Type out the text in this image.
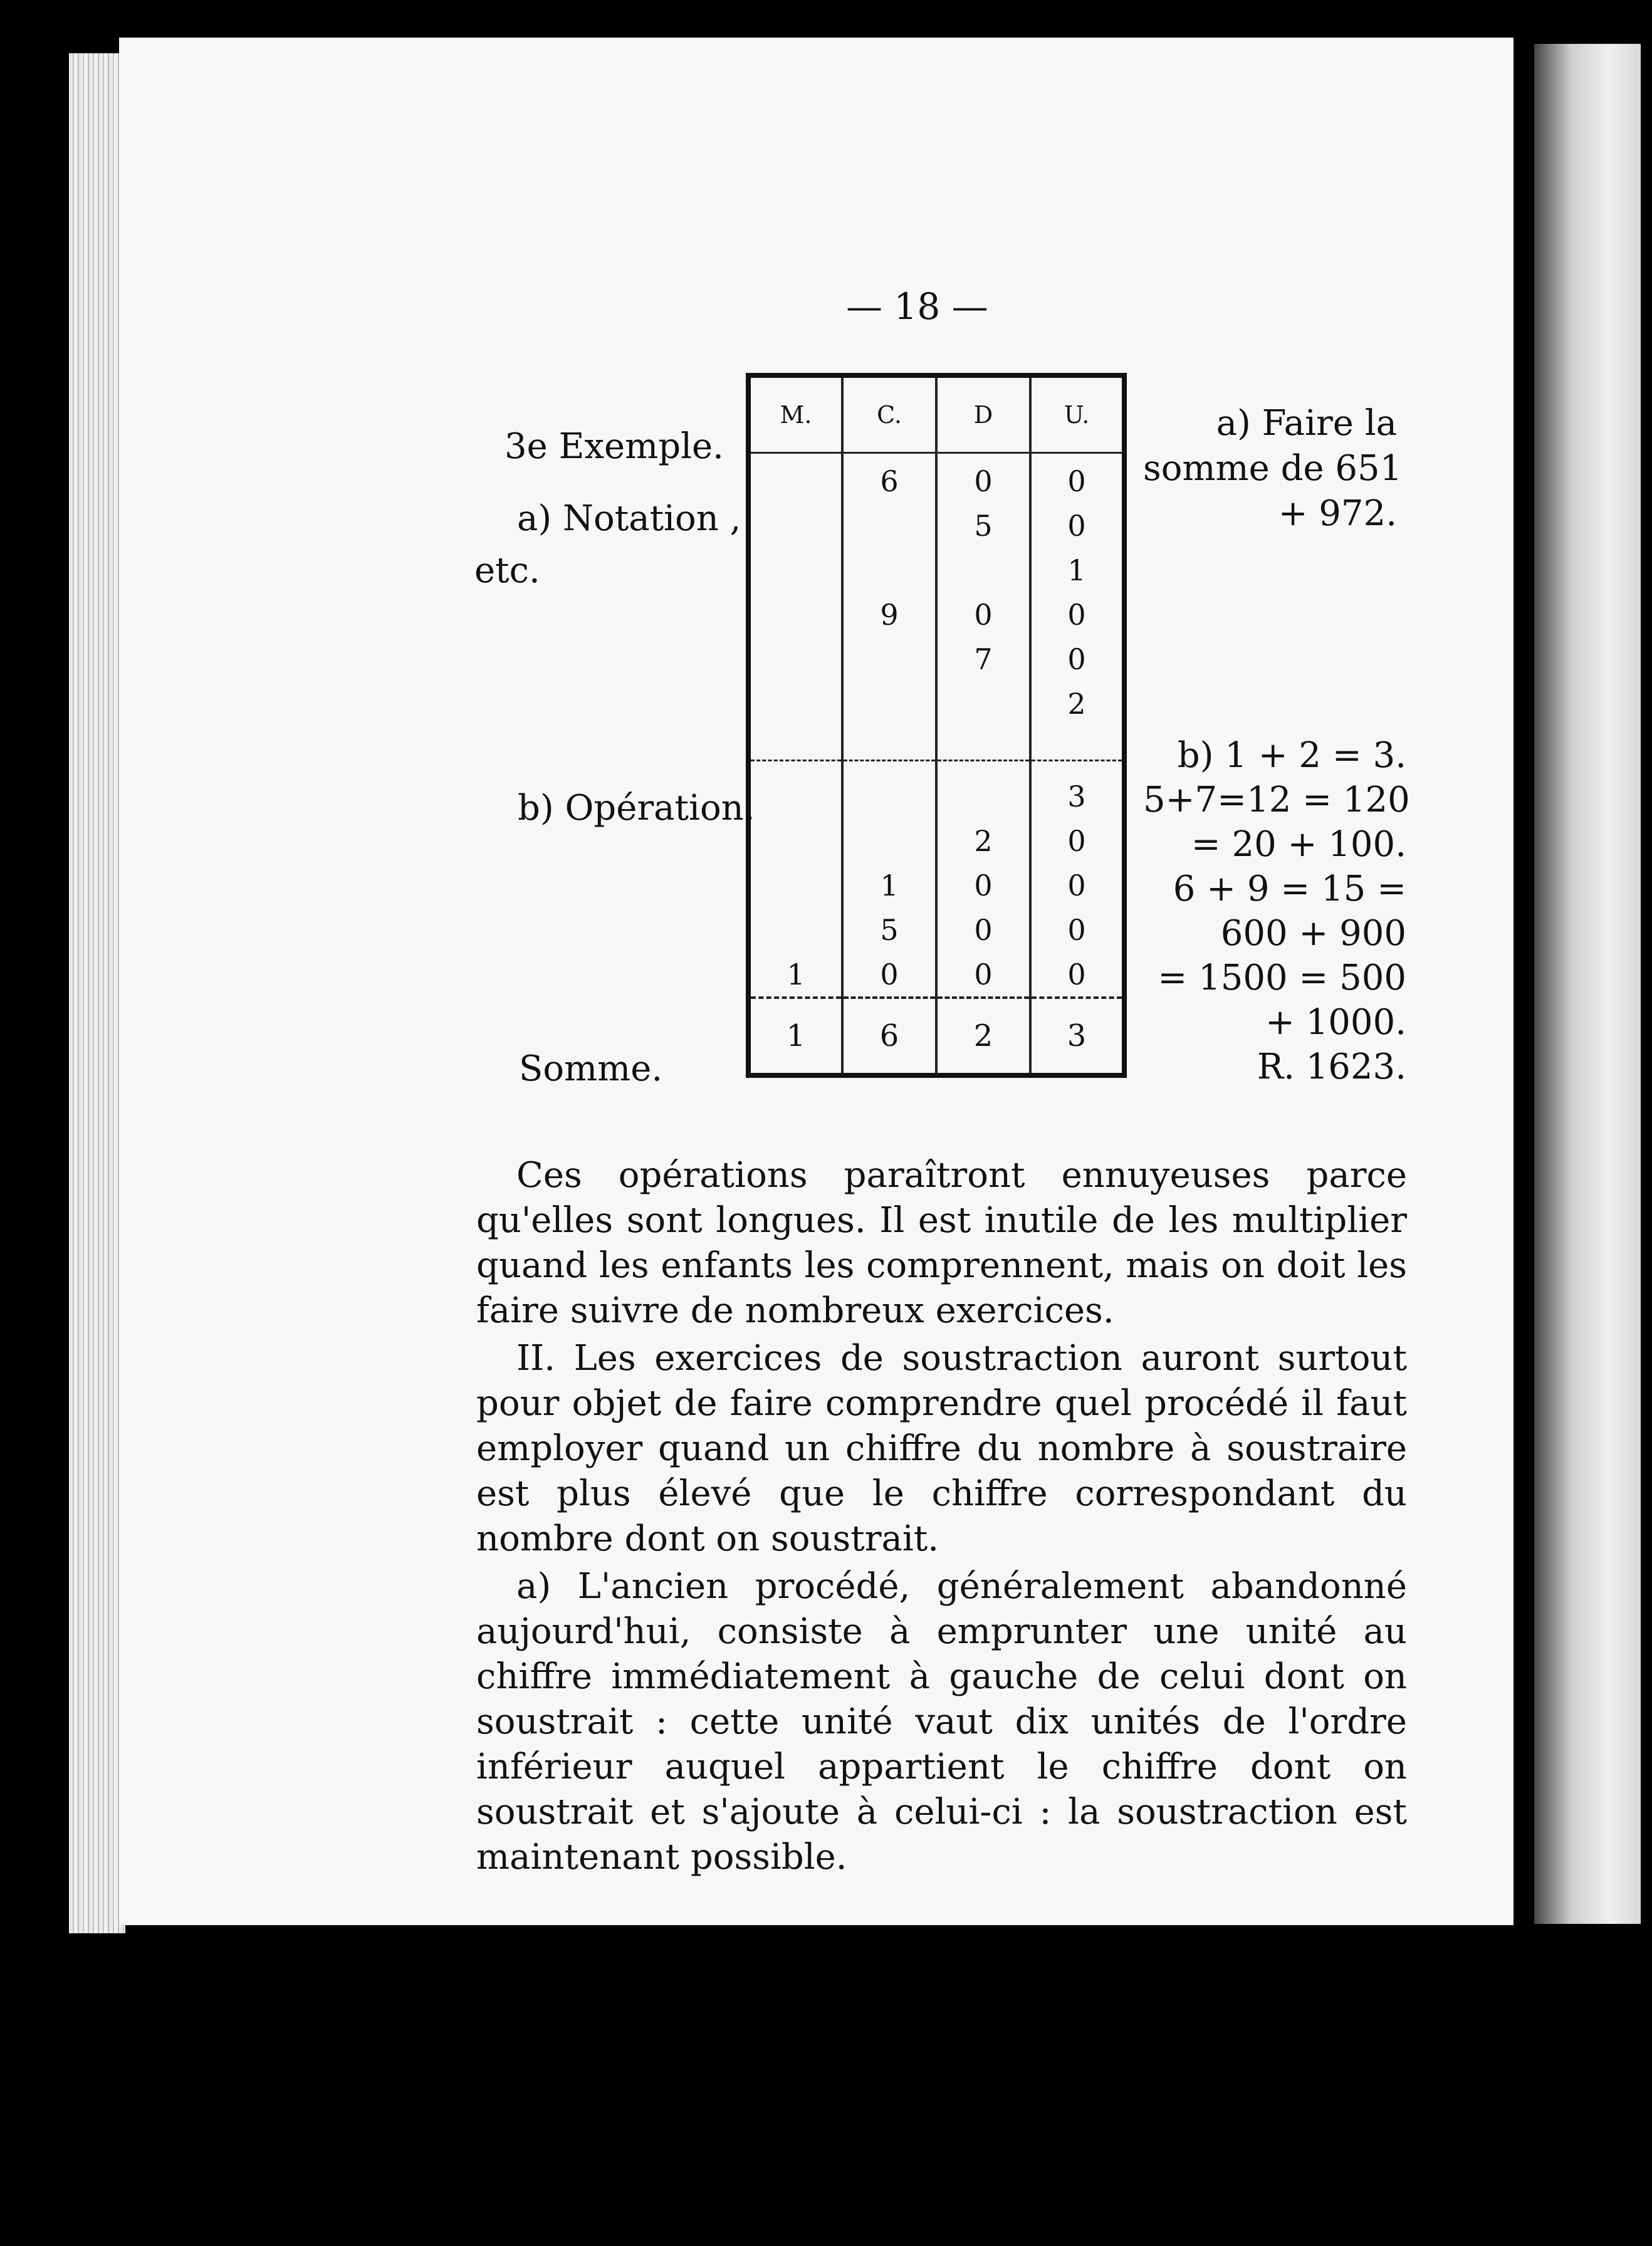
— 18 —
3e Exemple.
a) Notation ,
etc.
b) Opération.
Somme.
M.	C.	D	U.
	6	0	0
		5	0
			1
	9	0	0
		7	0
			2

			3
		2	0
	1	0	0
	5	0	0
1	0	0	0
1	6	2	3
a) Faire la
somme de 651
+ 972.
b) 1 + 2 = 3.
5+7=12 = 120
= 20 + 100.
6 + 9 = 15 =
600 + 900
= 1500 = 500
+ 1000.
R. 1623.

Ces opérations paraîtront ennuyeuses parce qu'elles sont longues. Il est inutile de les multiplier quand les enfants les comprennent, mais on doit les faire suivre de nombreux exercices.

II. Les exercices de soustraction auront surtout pour objet de faire comprendre quel procédé il faut employer quand un chiffre du nombre à soustraire est plus élevé que le chiffre correspondant du nombre dont on soustrait.

a) L'ancien procédé, généralement abandonné aujourd'hui, consiste à emprunter une unité au chiffre immédiatement à gauche de celui dont on soustrait : cette unité vaut dix unités de l'ordre inférieur auquel appartient le chiffre dont on soustrait et s'ajoute à celui-ci : la soustraction est maintenant possible.
